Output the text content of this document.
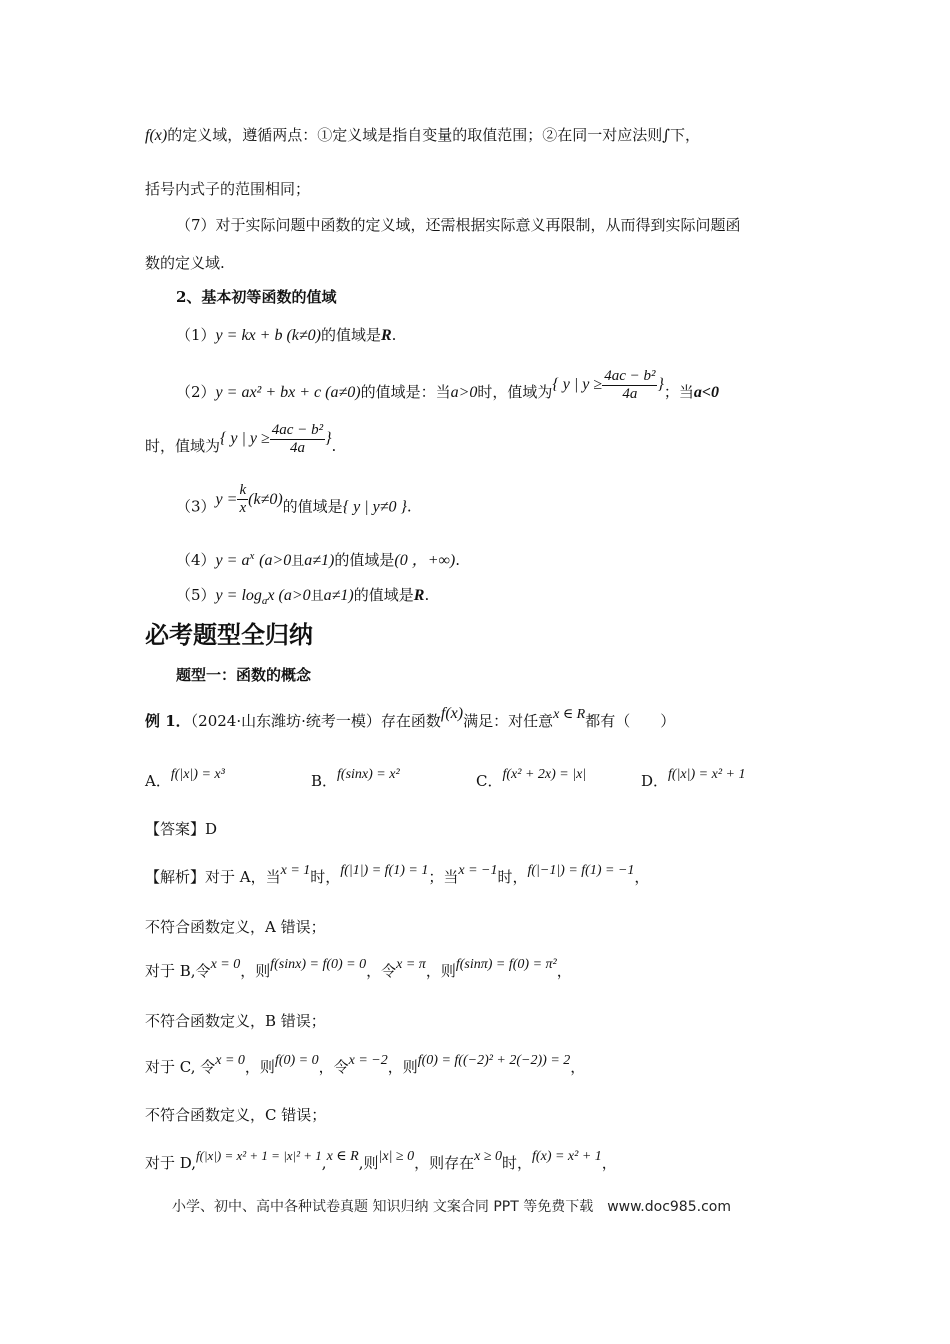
f(x)的定义域，遵循两点：①定义域是指自变量的取值范围；②在同一对应法则∫下，
括号内式子的范围相同；
（7）对于实际问题中函数的定义域，还需根据实际意义再限制，从而得到实际问题函
数的定义域.
2、基本初等函数的值域
（1）y = kx + b (k≠0)的值域是R.
（2）y = ax² + bx + c (a≠0)的值域是：当a>0时，值域为{ y | $y \ge \frac{\text{4ac − b²}}{4a}$ }；当a<0
时，值域为{ y | $y \ge \frac{\text{4ac − b²}}{4a}$ }.
$(3)y = \frac{k}{x} (k\ne 0)$的值域是{ y | y≠0 }.
$(4)y = a^x$ (a>0且a≠1)的值域是(0 ，+∞).
$(5)y = \log_ax$ (a>0且a≠1)的值域是R.
必考题型全归纳
题型一：函数的概念
例 1．（2024·山东潍坊·统考一模）存在函数f(x)满足：对任意x ∈ R都有（　　）
A．f(|x|) = x³	B．f(sinx) = x²	C．f(x² + 2x) = |x|	D．f(|x|) = x² + 1
【答案】D
【解析】对于 A，当x = 1时，f(|1|) = f(1) = 1；当x = −1时，f(|−1|) = f(1) = −1，
不符合函数定义，A 错误；
对于 B,令x = 0，则f(sinx) = f(0) = 0，令x = π，则f(sinπ) = f(0) = π²，
不符合函数定义，B 错误；
对于 C, 令x = 0，则f(0) = 0，令x = −2，则f(0) = f((−2)² + 2(−2)) = 2，
不符合函数定义，C 错误；
对于 D,f(|x|) = x² + 1 = |x|² + 1,x ∈ R,则|x| ≥ 0，则存在x ≥ 0时，f(x) = x² + 1，
小学、初中、高中各种试卷真题 知识归纳 文案合同 PPT 等免费下载　www.doc985.com
